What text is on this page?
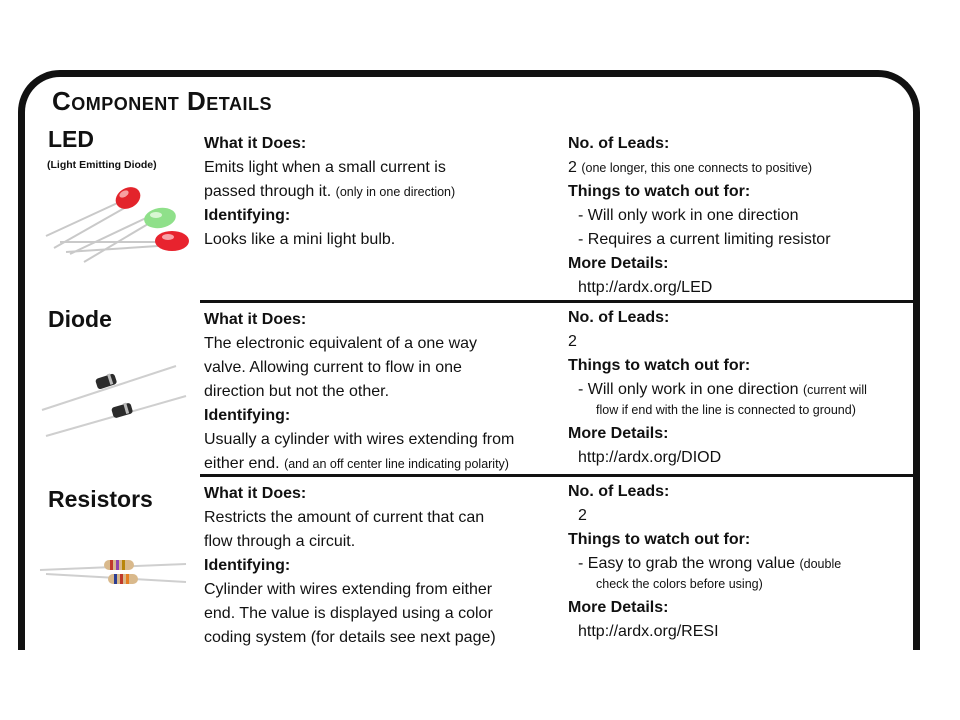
Component Details
LED
(Light Emitting Diode)
What it Does:
Emits light when a small current is
passed through it. (only in one direction)
Identifying:
Looks like a mini light bulb.
No. of Leads:
2 (one longer, this one connects to positive)
Things to watch out for:
- Will only work in one direction
- Requires a current limiting resistor
More Details:
http://ardx.org/LED
Diode	What it Does:
The electronic equivalent of a one way
valve. Allowing current to flow in one
direction but not the other.
Identifying:
Usually a cylinder with wires extending from
either end. (and an off center line indicating polarity)
No. of Leads:
2
Things to watch out for:
- Will only work in one direction (current will
flow if end with the line is connected to ground)
More Details:
http://ardx.org/DIOD
Resistors	What it Does:
Restricts the amount of current that can
flow through a circuit.
Identifying:
Cylinder with wires extending from either
end. The value is displayed using a color
coding system (for details see next page)
No. of Leads:
2
Things to watch out for:
- Easy to grab the wrong value (double
check the colors before using)
More Details:
http://ardx.org/RESI
